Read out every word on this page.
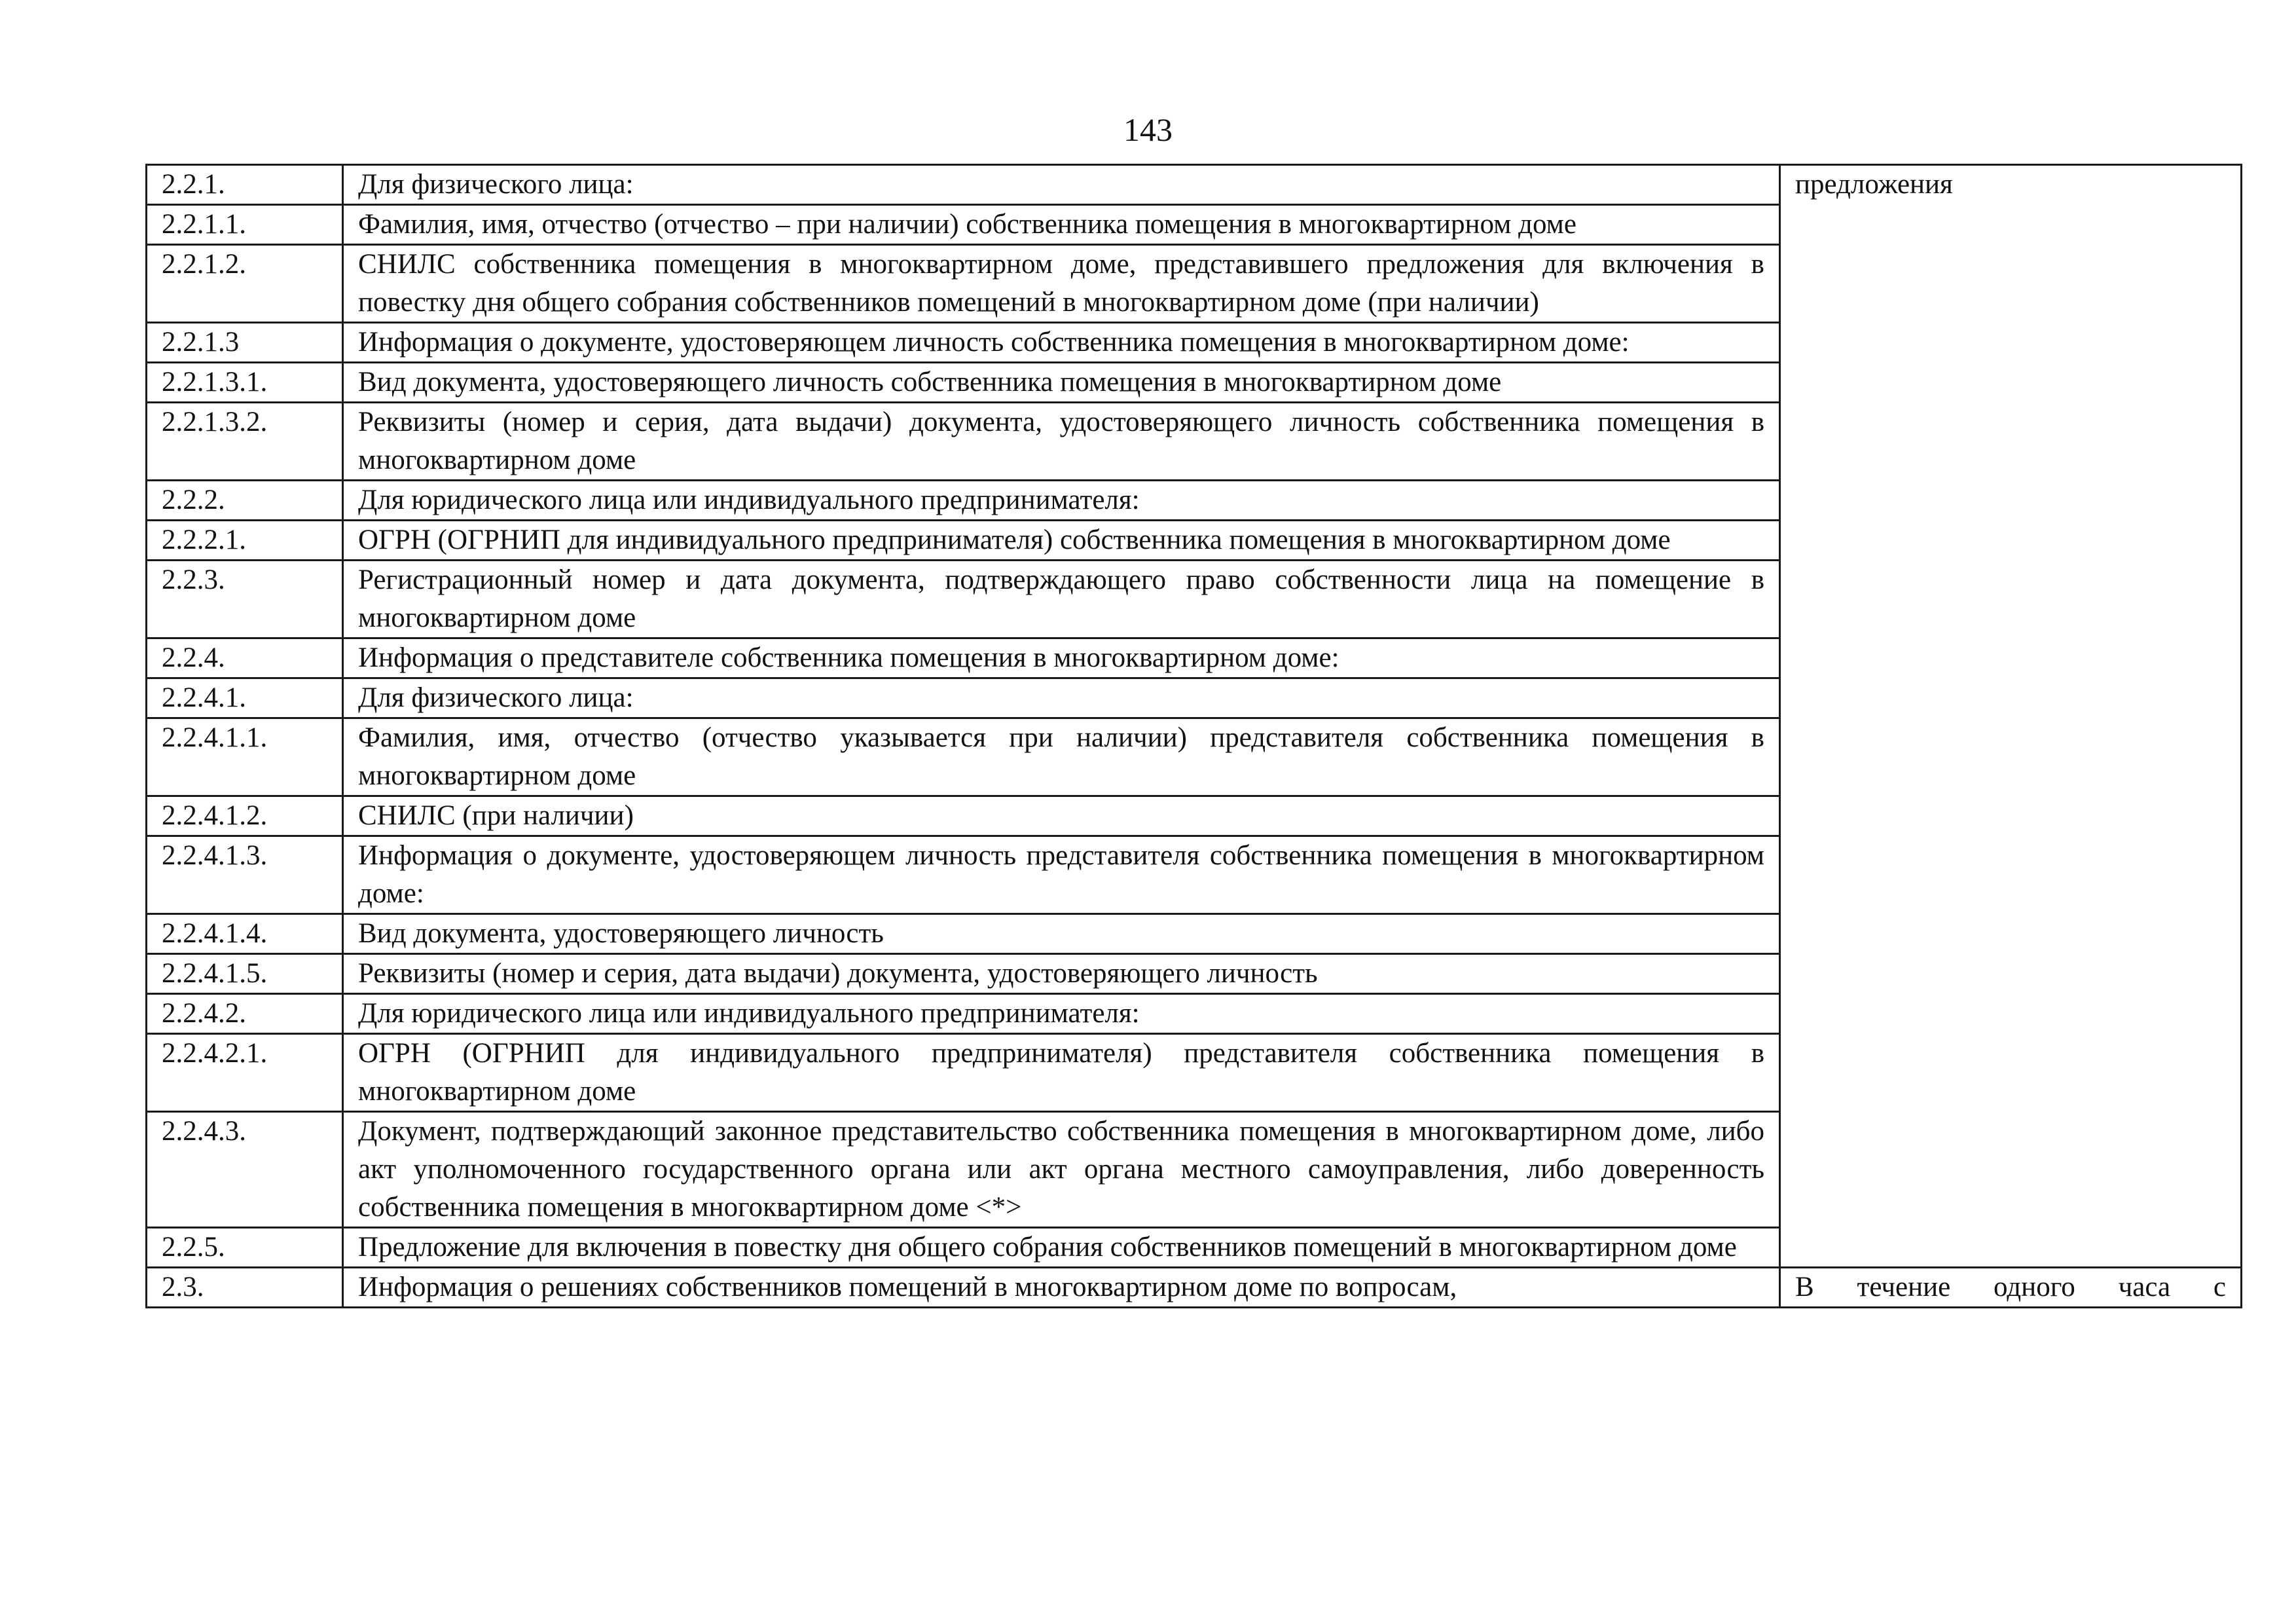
143
2.2.1.	Для физического лица:	предложения
2.2.1.1.	Фамилия, имя, отчество (отчество – при наличии) собственника помещения в многоквартирном доме	
2.2.1.2.	СНИЛС собственника помещения в многоквартирном доме, представившего предложения для включения в повестку дня общего собрания собственников помещений в многоквартирном доме (при наличии)	
2.2.1.3	Информация о документе, удостоверяющем личность собственника помещения в многоквартирном доме:	
2.2.1.3.1.	Вид документа, удостоверяющего личность собственника помещения в многоквартирном доме	
2.2.1.3.2.	Реквизиты (номер и серия, дата выдачи) документа, удостоверяющего личность собственника помещения в многоквартирном доме	
2.2.2.	Для юридического лица или индивидуального предпринимателя:	
2.2.2.1.	ОГРН (ОГРНИП для индивидуального предпринимателя) собственника помещения в многоквартирном доме	
2.2.3.	Регистрационный номер и дата документа, подтверждающего право собственности лица на помещение в многоквартирном доме	
2.2.4.	Информация о представителе собственника помещения в многоквартирном доме:	
2.2.4.1.	Для физического лица:	
2.2.4.1.1.	Фамилия, имя, отчество (отчество указывается при наличии) представителя собственника помещения в многоквартирном доме	
2.2.4.1.2.	СНИЛС (при наличии)	
2.2.4.1.3.	Информация о документе, удостоверяющем личность представителя собственника помещения в многоквартирном доме:	
2.2.4.1.4.	Вид документа, удостоверяющего личность	
2.2.4.1.5.	Реквизиты (номер и серия, дата выдачи) документа, удостоверяющего личность	
2.2.4.2.	Для юридического лица или индивидуального предпринимателя:	
2.2.4.2.1.	ОГРН (ОГРНИП для индивидуального предпринимателя) представителя собственника помещения в многоквартирном доме	
2.2.4.3.	Документ, подтверждающий законное представительство собственника помещения в многоквартирном доме, либо акт уполномоченного государственного органа или акт органа местного самоуправления, либо доверенность собственника помещения в многоквартирном доме <*>	
2.2.5.	Предложение для включения в повестку дня общего собрания собственников помещений в многоквартирном доме	
2.3.	Информация о решениях собственников помещений в многоквартирном доме по вопросам,	В течение одного часа с
